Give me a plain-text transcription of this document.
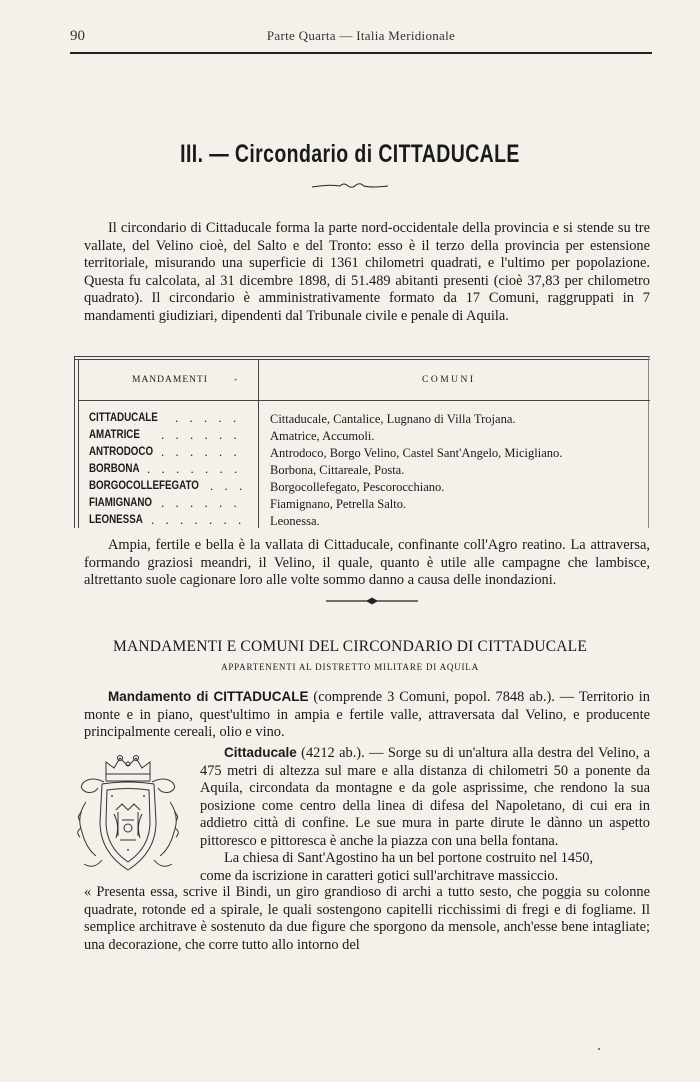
90	Parte Quarta — Italia Meridionale
III. — Circondario di CITTADUCALE

Il circondario di Cittaducale forma la parte nord-occidentale della provincia e si stende su tre vallate, del Velino cioè, del Salto e del Tronto: esso è il terzo della provincia per estensione territoriale, misurando una superficie di 1361 chilometri quadrati, e l'ultimo per popolazione. Questa fu calcolata, al 31 dicembre 1898, di 51.489 abitanti presenti (cioè 37,83 per chilometro quadrato). Il circondario è amministrativamente formato da 17 Comuni, raggruppati in 7 mandamenti giudiziari, dipendenti dal Tribunale civile e penale di Aquila.

MANDAMENTI	-	COMUNI
CITTADUCALE . . . . . Cittaducale, Cantalice, Lugnano di Villa Trojana.
AMATRICE . . . . . . Amatrice, Accumoli.
ANTRODOCO . . . . . . Antrodoco, Borgo Velino, Castel Sant'Angelo, Micigliano.
BORBONA . . . . . . . Borbona, Cittareale, Posta.
BORGOCOLLEFEGATO . . . Borgocollefegato, Pescorocchiano.
FIAMIGNANO . . . . . . Fiamignano, Petrella Salto.
LEONESSA . . . . . . . Leonessa.

Ampia, fertile e bella è la vallata di Cittaducale, confinante coll'Agro reatino. La attraversa, formando graziosi meandri, il Velino, il quale, quanto è utile alle campagne che lambisce, altrettanto suole cagionare loro alle volte sommo danno a causa delle inondazioni.

MANDAMENTI E COMUNI DEL CIRCONDARIO DI CITTADUCALE
APPARTENENTI AL DISTRETTO MILITARE DI AQUILA

Mandamento di CITTADUCALE (comprende 3 Comuni, popol. 7848 ab.). — Territorio in monte e in piano, quest'ultimo in ampia e fertile valle, attraversata dal Velino, e producente principalmente cereali, olio e vino.

Cittaducale (4212 ab.). — Sorge su di un'altura alla destra del Velino, a 475 metri di altezza sul mare e alla distanza di chilometri 50 a ponente da Aquila, circondata da montagne e da gole asprissime, che rendono la sua posizione come centro della linea di difesa del Napoletano, di cui era in addietro città di confine. Le sue mura in parte dirute le dànno un aspetto pittoresco e pittoresca è anche la piazza con una bella fontana.

La chiesa di Sant'Agostino ha un bel portone costruito nel 1450,

come da iscrizione in caratteri gotici sull'architrave massiccio.

« Presenta essa, scrive il Bindi, un giro grandioso di archi a tutto sesto, che poggia su colonne quadrate, rotonde ed a spirale, le quali sostengono capitelli ricchissimi di fregi e di fogliame. Il semplice architrave è sostenuto da due figure che sporgono da mensole, anch'esse bene intagliate; una decorazione, che corre tutto allo intorno del
